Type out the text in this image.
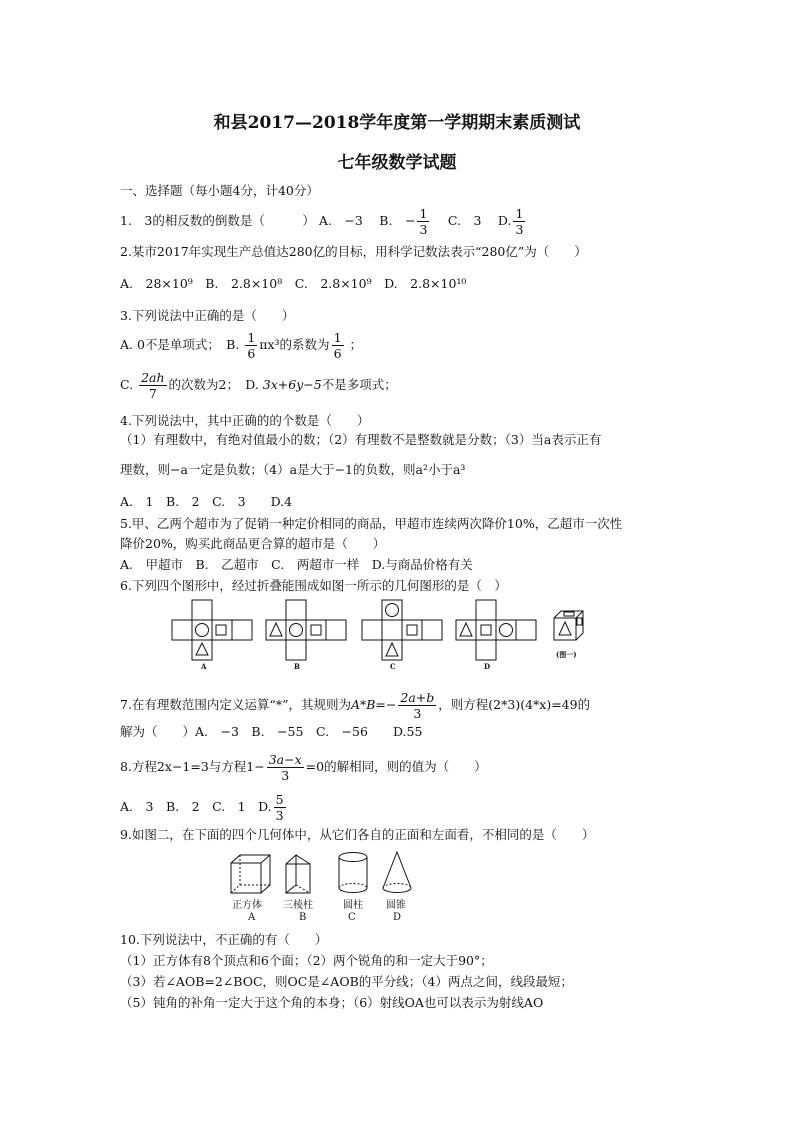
和县2017—2018学年度第一学期期末素质测试
七年级数学试题
一、选择题（每小题4分，计40分）
1.　3的相反数的倒数是（　　　） A.　−3　 B.　− $\frac{1}{3}$
　 C.　3　 D. $\frac{1}{3}$
2.某市2017年实现生产总值达280亿的目标，用科学记数法表示“280亿”为（　　）
A.　28×10⁹　B.　2.8×10⁸　C.　2.8×10⁹　D.　2.8×10¹⁰
3.下列说法中正确的是（　　）
A. 0不是单项式；　B. $\frac{1}{6} \pi x^3$的系数为 $\frac{1}{6}$ ；
C. $\frac{2ah}{7}$ 的次数为2；　D. 3x+6y−5不是多项式；
4.下列说法中，其中正确的的个数是（　　）
（1）有理数中，有绝对值最小的数；（2）有理数不是整数就是分数；（3）当a表示正有
理数，则−a一定是负数；（4）a是大于−1的负数，则a²小于a³
A.　1　B.　2　C.　3　　D.4
5.甲、乙两个超市为了促销一种定价相同的商品，甲超市连续两次降价10%，乙超市一次性
降价20%，购买此商品更合算的超市是（　　）
A.　甲超市　B.　乙超市　C.　两超市一样　D.与商品价格有关
6.下列四个图形中，经过折叠能围成如图一所示的几何图形的是（　）
A	B	C	D
(图一)
7.在有理数范围内定义运算“*”，其规则为$A*B=- \frac{2a+b}{3}$ ，则方程(2*3)(4*x)=49的
解为（　　）A.　−3　B.　−55　C.　−56　　D.55
8.方程2x−1=3与方程$1- \frac{3a-x}{3} =0$的解相同，则的值为（　　）
A.　3　B.　2　C.　1　D. $\frac{5}{3}$
9.如图二，在下面的四个几何体中，从它们各自的正面和左面看，不相同的是（　　）
正方体
A
三棱柱
B
圆柱
C
圆锥
D
10.下列说法中，不正确的有（　　）
（1）正方体有8个顶点和6个面；（2）两个锐角的和一定大于90°；
（3）若∠AOB=2∠BOC，则OC是∠AOB的平分线；（4）两点之间，线段最短；
（5）钝角的补角一定大于这个角的本身；（6）射线OA也可以表示为射线AO
